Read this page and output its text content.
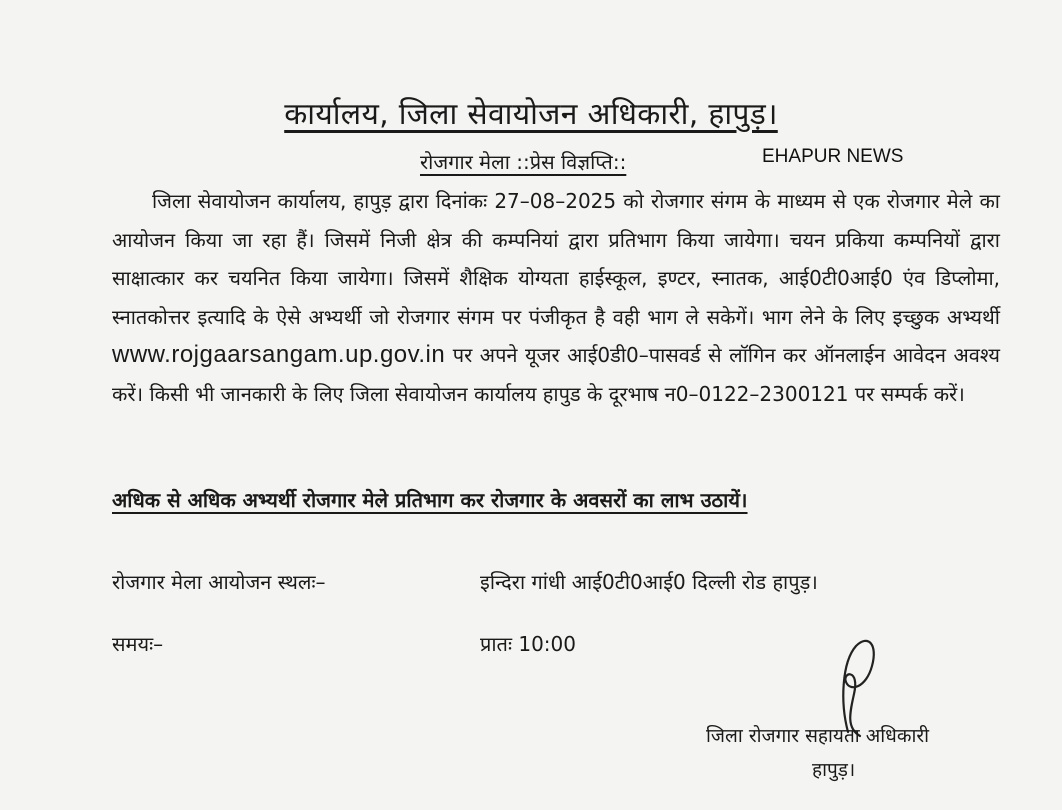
कार्यालय, जिला सेवायोजन अधिकारी, हापुड़।
रोजगार मेला ::प्रेस विज्ञप्ति::	EHAPUR NEWS

जिला सेवायोजन कार्यालय, हापुड़ द्वारा दिनांकः 27–08–2025 को रोजगार संगम के माध्यम से एक रोजगार मेले का आयोजन किया जा रहा हैं। जिसमें निजी क्षेत्र की कम्पनियां द्वारा प्रतिभाग किया जायेगा। चयन प्रकिया कम्पनियों द्वारा साक्षात्कार कर चयनित किया जायेगा। जिसमें शैक्षिक योग्यता हाईस्कूल, इण्टर, स्नातक, आई0टी0आई0 एंव डिप्लोमा, स्नातकोत्तर इत्यादि के ऐसे अभ्यर्थी जो रोजगार संगम पर पंजीकृत है वही भाग ले सकेगें। भाग लेने के लिए इच्छुक अभ्यर्थी www.rojgaarsangam.up.gov.in पर अपने यूजर आई0डी0–पासवर्ड से लॉगिन कर ऑनलाईन आवेदन अवश्य करें। किसी भी जानकारी के लिए जिला सेवायोजन कार्यालय हापुड के दूरभाष न0–0122–2300121 पर सम्पर्क करें।

अधिक से अधिक अभ्यर्थी रोजगार मेले प्रतिभाग कर रोजगार के अवसरों का लाभ उठायें।
रोजगार मेला आयोजन स्थलः–	इन्दिरा गांधी आई0टी0आई0 दिल्ली रोड हापुड़।
समयः–	प्रातः 10:00
जिला रोजगार सहायता अधिकारी
हापुड़।
